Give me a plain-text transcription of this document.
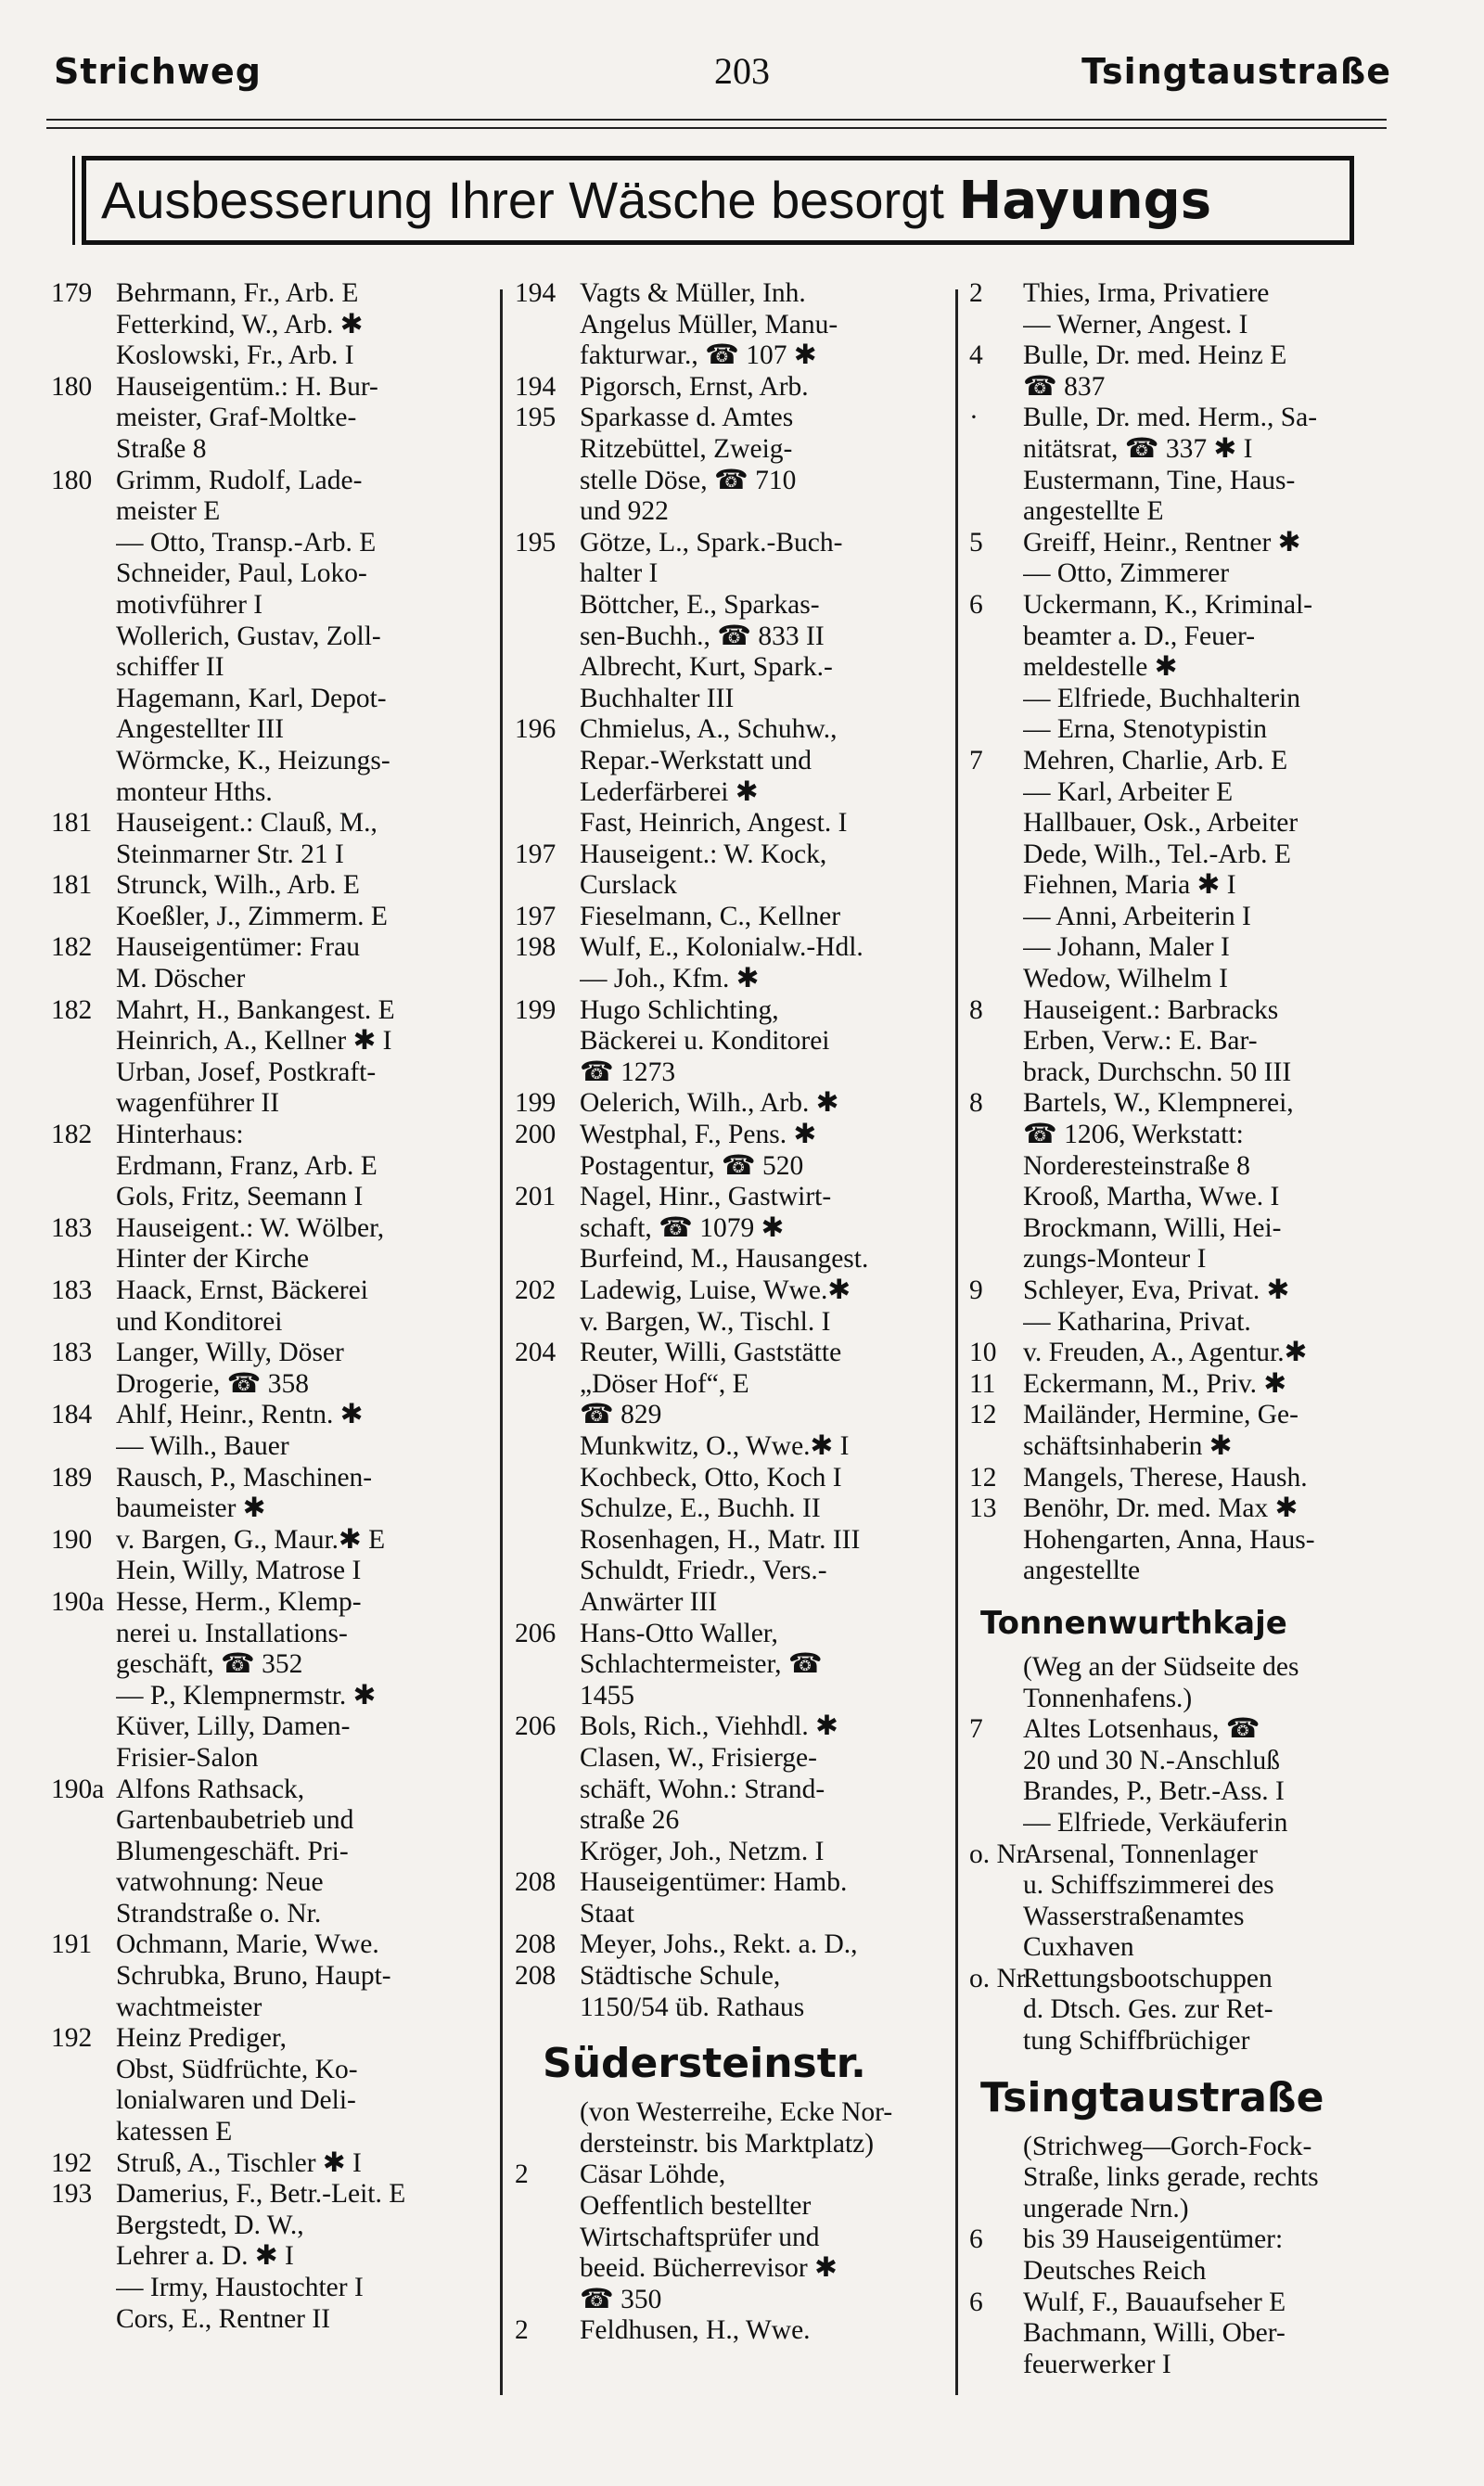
Strichweg	203	Tsingtaustraße
Ausbesserung Ihrer Wäsche besorgt Hayungs
179 Behrmann, Fr., Arb. E
Fetterkind, W., Arb. ✱
Koslowski, Fr., Arb. I
180 Hauseigentüm.: H. Bur-
meister, Graf-Moltke-
Straße 8
180 Grimm, Rudolf, Lade-
meister E
— Otto, Transp.-Arb. E
Schneider, Paul, Loko-
motivführer I
Wollerich, Gustav, Zoll-
schiffer II
Hagemann, Karl, Depot-
Angestellter III
Wörmcke, K., Heizungs-
monteur Hths.
181 Hauseigent.: Clauß, M.,
Steinmarner Str. 21 I
181 Strunck, Wilh., Arb. E
Koeßler, J., Zimmerm. E
182 Hauseigentümer: Frau
M. Döscher
182 Mahrt, H., Bankangest. E
Heinrich, A., Kellner ✱ I
Urban, Josef, Postkraft-
wagenführer II
182 Hinterhaus:
Erdmann, Franz, Arb. E
Gols, Fritz, Seemann I
183 Hauseigent.: W. Wölber,
Hinter der Kirche
183 Haack, Ernst, Bäckerei
und Konditorei
183 Langer, Willy, Döser
Drogerie, ☎ 358
184 Ahlf, Heinr., Rentn. ✱
— Wilh., Bauer
189 Rausch, P., Maschinen-
baumeister ✱
190 v. Bargen, G., Maur.✱ E
Hein, Willy, Matrose I
190a Hesse, Herm., Klemp-
nerei u. Installations-
geschäft, ☎ 352
— P., Klempnermstr. ✱
Küver, Lilly, Damen-
Frisier-Salon
190a Alfons Rathsack,
Gartenbaubetrieb und
Blumengeschäft. Pri-
vatwohnung: Neue
Strandstraße o. Nr.
191 Ochmann, Marie, Wwe.
Schrubka, Bruno, Haupt-
wachtmeister
192 Heinz Prediger,
Obst, Südfrüchte, Ko-
lonialwaren und Deli-
katessen E
192 Struß, A., Tischler ✱ I
193 Damerius, F., Betr.-Leit. E
Bergstedt, D. W.,
Lehrer a. D. ✱ I
— Irmy, Haustochter I
Cors, E., Rentner II
194 Vagts & Müller, Inh.
Angelus Müller, Manu-
fakturwar., ☎ 107 ✱
194 Pigorsch, Ernst, Arb.
195 Sparkasse d. Amtes
Ritzebüttel, Zweig-
stelle Döse, ☎ 710
und 922
195 Götze, L., Spark.-Buch-
halter I
Böttcher, E., Sparkas-
sen-Buchh., ☎ 833 II
Albrecht, Kurt, Spark.-
Buchhalter III
196 Chmielus, A., Schuhw.,
Repar.-Werkstatt und
Lederfärberei ✱
Fast, Heinrich, Angest. I
197 Hauseigent.: W. Kock,
Curslack
197 Fieselmann, C., Kellner
198 Wulf, E., Kolonialw.-Hdl.
— Joh., Kfm. ✱
199 Hugo Schlichting,
Bäckerei u. Konditorei
☎ 1273
199 Oelerich, Wilh., Arb. ✱
200 Westphal, F., Pens. ✱
Postagentur, ☎ 520
201 Nagel, Hinr., Gastwirt-
schaft, ☎ 1079 ✱
Burfeind, M., Hausangest.
202 Ladewig, Luise, Wwe.✱
v. Bargen, W., Tischl. I
204 Reuter, Willi, Gaststätte
„Döser Hof“, E
☎ 829
Munkwitz, O., Wwe.✱ I
Kochbeck, Otto, Koch I
Schulze, E., Buchh. II
Rosenhagen, H., Matr. III
Schuldt, Friedr., Vers.-
Anwärter III
206 Hans-Otto Waller,
Schlachtermeister, ☎
1455
206 Bols, Rich., Viehhdl. ✱
Clasen, W., Frisierge-
schäft, Wohn.: Strand-
straße 26
Kröger, Joh., Netzm. I
208 Hauseigentümer: Hamb.
Staat
208 Meyer, Johs., Rekt. a. D.,
208 Städtische Schule,
1150/54 üb. Rathaus
Südersteinstr.
(von Westerreihe, Ecke Nor-
dersteinstr. bis Marktplatz)
2	Cäsar Löhde,
Oeffentlich bestellter
Wirtschaftsprüfer und
beeid. Bücherrevisor ✱
☎ 350
2	Feldhusen, H., Wwe.
2	Thies, Irma, Privatiere
— Werner, Angest. I
4	Bulle, Dr. med. Heinz E
☎ 837
·	Bulle, Dr. med. Herm., Sa-
nitätsrat, ☎ 337 ✱ I
Eustermann, Tine, Haus-
angestellte E
5	Greiff, Heinr., Rentner ✱
— Otto, Zimmerer
6	Uckermann, K., Kriminal-
beamter a. D., Feuer-
meldestelle ✱
— Elfriede, Buchhalterin
— Erna, Stenotypistin
7	Mehren, Charlie, Arb. E
— Karl, Arbeiter E
Hallbauer, Osk., Arbeiter
Dede, Wilh., Tel.-Arb. E
Fiehnen, Maria ✱ I
— Anni, Arbeiterin I
— Johann, Maler I
Wedow, Wilhelm I
8	Hauseigent.: Barbracks
Erben, Verw.: E. Bar-
brack, Durchschn. 50 III
8	Bartels, W., Klempnerei,
☎ 1206, Werkstatt:
Norderesteinstraße 8
Krooß, Martha, Wwe. I
Brockmann, Willi, Hei-
zungs-Monteur I
9	Schleyer, Eva, Privat. ✱
— Katharina, Privat.
10 v. Freuden, A., Agentur.✱
11	Eckermann, M., Priv. ✱
12 Mailänder, Hermine, Ge-
schäftsinhaberin ✱
12 Mangels, Therese, Haush.
13 Benöhr, Dr. med. Max ✱
Hohengarten, Anna, Haus-
angestellte
Tonnenwurthkaje
(Weg an der Südseite des
Tonnenhafens.)
7	Altes Lotsenhaus, ☎
20 und 30 N.-Anschluß
Brandes, P., Betr.-Ass. I
— Elfriede, Verkäuferin
o. Nr.
Arsenal, Tonnenlager
u. Schiffszimmerei des
Wasserstraßenamtes
Cuxhaven
o. Nr.
Rettungsbootschuppen
d. Dtsch. Ges. zur Ret-
tung Schiffbrüchiger
Tsingtaustraße
(Strichweg—Gorch-Fock-
Straße, links gerade, rechts
ungerade Nrn.)
6	bis 39 Hauseigentümer:
Deutsches Reich
6	Wulf, F., Bauaufseher E
Bachmann, Willi, Ober-
feuerwerker I
